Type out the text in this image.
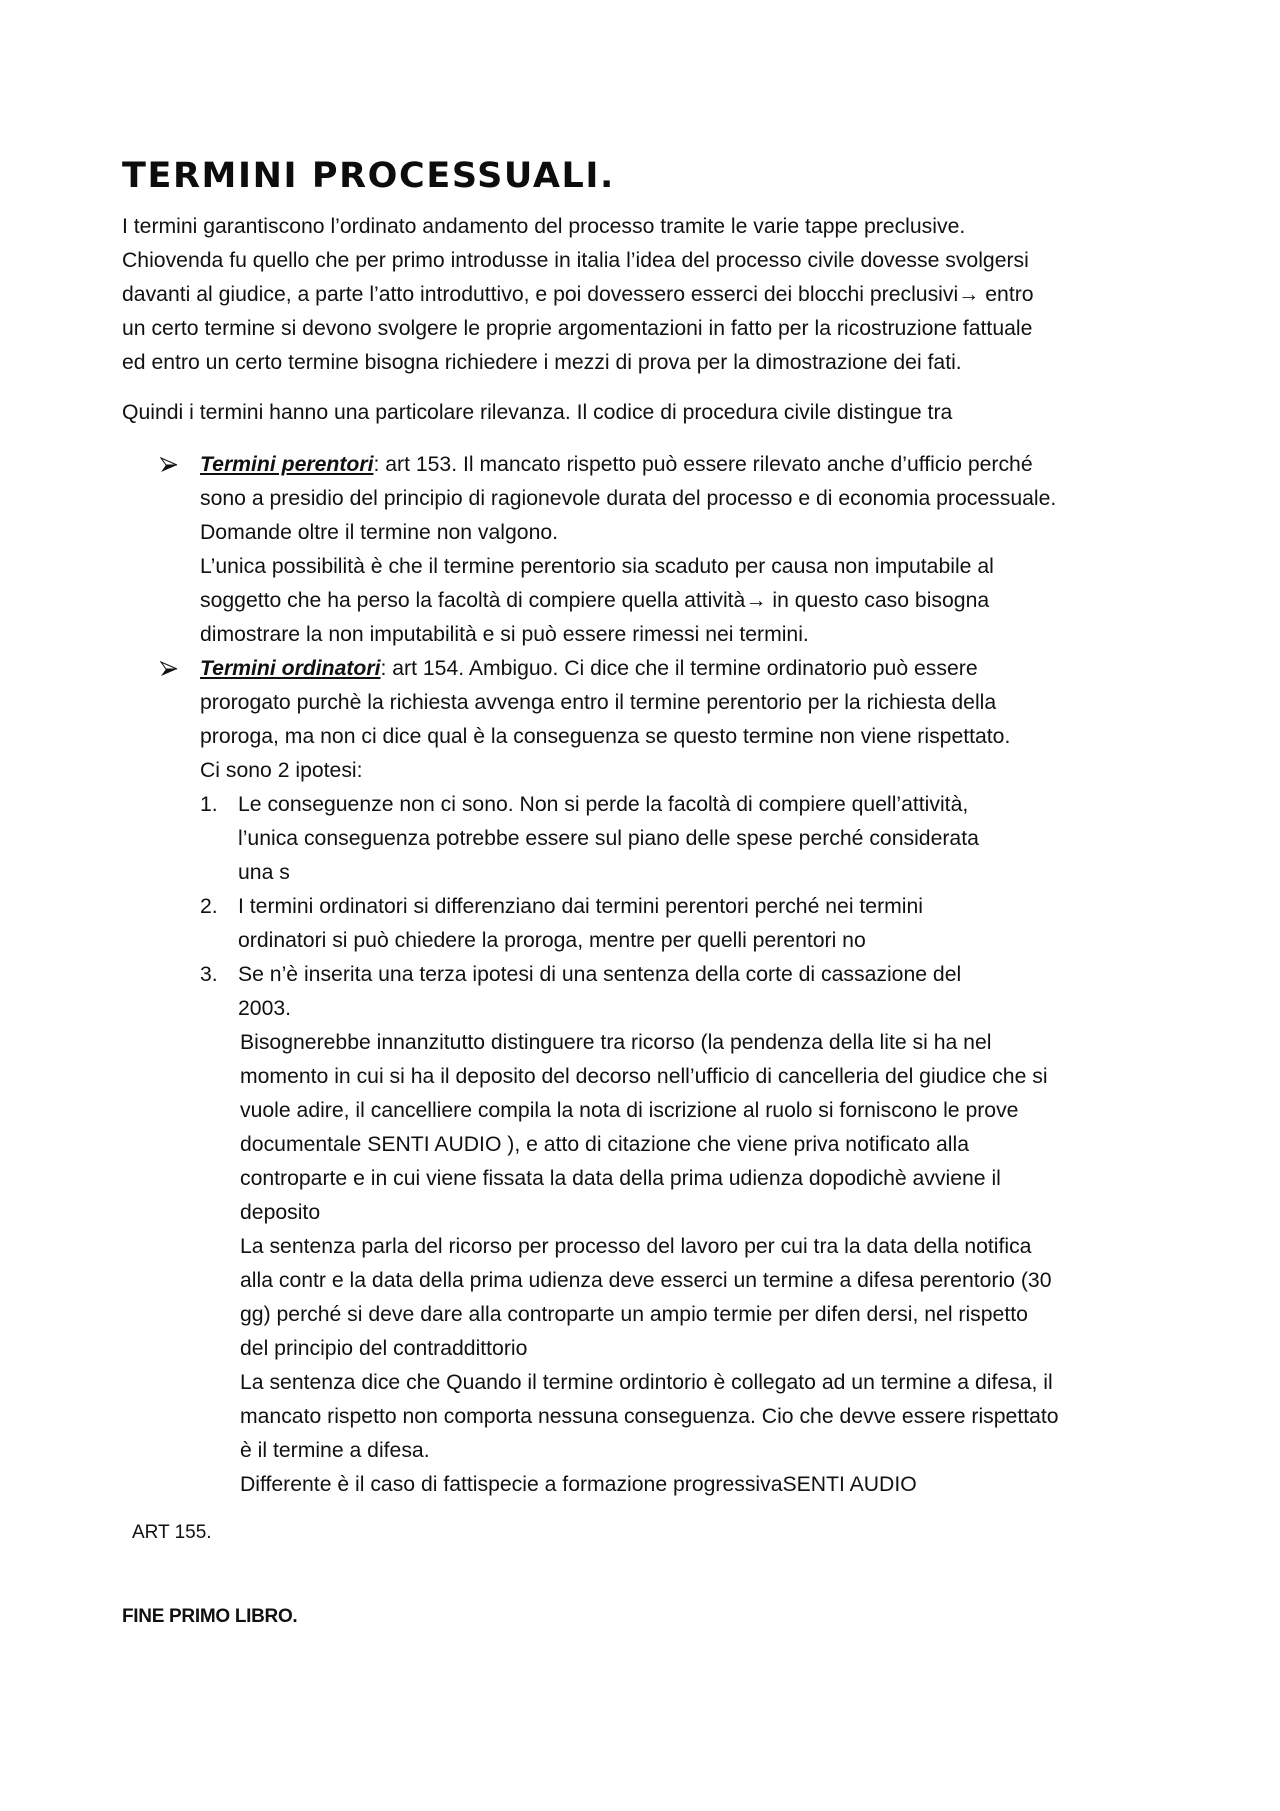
TERMINI PROCESSUALI.

I termini garantiscono l’ordinato andamento del processo tramite le varie tappe preclusive.
Chiovenda fu quello che per primo introdusse in italia l’idea del processo civile dovesse svolgersi
davanti al giudice, a parte l’atto introduttivo, e poi dovessero esserci dei blocchi preclusivi→ entro
un certo termine si devono svolgere le proprie argomentazioni in fatto per la ricostruzione fattuale
ed entro un certo termine bisogna richiedere i mezzi di prova per la dimostrazione dei fati.

Quindi i termini hanno una particolare rilevanza. Il codice di procedura civile distingue tra

Termini perentori: art 153. Il mancato rispetto può essere rilevato anche d’ufficio perché
sono a presidio del principio di ragionevole durata del processo e di economia processuale.
Domande oltre il termine non valgono.
L’unica possibilità è che il termine perentorio sia scaduto per causa non imputabile al
soggetto che ha perso la facoltà di compiere quella attività→ in questo caso bisogna
dimostrare la non imputabilità e si può essere rimessi nei termini.
Termini ordinatori: art 154. Ambiguo. Ci dice che il termine ordinatorio può essere
prorogato purchè la richiesta avvenga entro il termine perentorio per la richiesta della
proroga, ma non ci dice qual è la conseguenza se questo termine non viene rispettato.
Ci sono 2 ipotesi:
1. Le conseguenze non ci sono. Non si perde la facoltà di compiere quell’attività,
l’unica conseguenza potrebbe essere sul piano delle spese perché considerata
una s
2. I termini ordinatori si differenziano dai termini perentori perché nei termini
ordinatori si può chiedere la proroga, mentre per quelli perentori no
3. Se n’è inserita una terza ipotesi di una sentenza della corte di cassazione del
2003.
Bisognerebbe innanzitutto distinguere tra ricorso (la pendenza della lite si ha nel
momento in cui si ha il deposito del decorso nell’ufficio di cancelleria del giudice che si
vuole adire, il cancelliere compila la nota di iscrizione al ruolo si forniscono le prove
documentale SENTI AUDIO ), e atto di citazione che viene priva notificato alla
controparte e in cui viene fissata la data della prima udienza dopodichè avviene il
deposito
La sentenza parla del ricorso per processo del lavoro per cui tra la data della notifica
alla contr e la data della prima udienza deve esserci un termine a difesa perentorio (30
gg) perché si deve dare alla controparte un ampio termie per difen dersi, nel rispetto
del principio del contraddittorio
La sentenza dice che Quando il termine ordintorio è collegato ad un termine a difesa, il
mancato rispetto non comporta nessuna conseguenza. Cio che devve essere rispettato
è il termine a difesa.
Differente è il caso di fattispecie a formazione progressivaSENTI AUDIO
ART 155.
FINE PRIMO LIBRO.
